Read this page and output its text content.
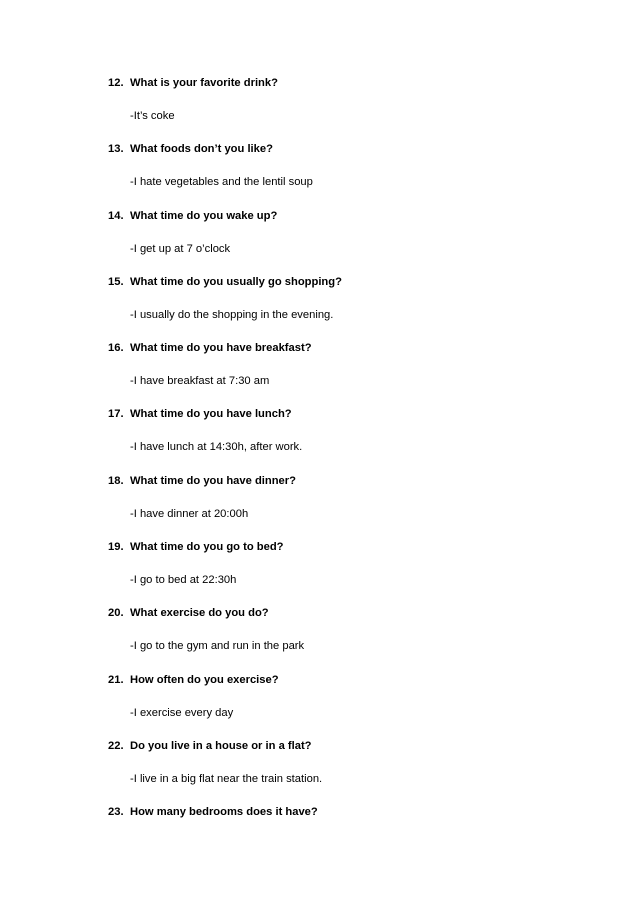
12. What is your favorite drink?
-It’s coke
13. What foods don’t you like?
-I hate vegetables and the lentil soup
14. What time do you wake up?
-I get up at 7 o’clock
15. What time do you usually go shopping?
-I usually do the shopping in the evening.
16. What time do you have breakfast?
-I have breakfast at 7:30 am
17. What time do you have lunch?
-I have lunch at 14:30h, after work.
18. What time do you have dinner?
-I have dinner at 20:00h
19. What time do you go to bed?
-I go to bed at 22:30h
20. What exercise do you do?
-I go to the gym and run in the park
21. How often do you exercise?
-I exercise every day
22. Do you live in a house or in a flat?
-I live in a big flat near the train station.
23. How many bedrooms does it have?
